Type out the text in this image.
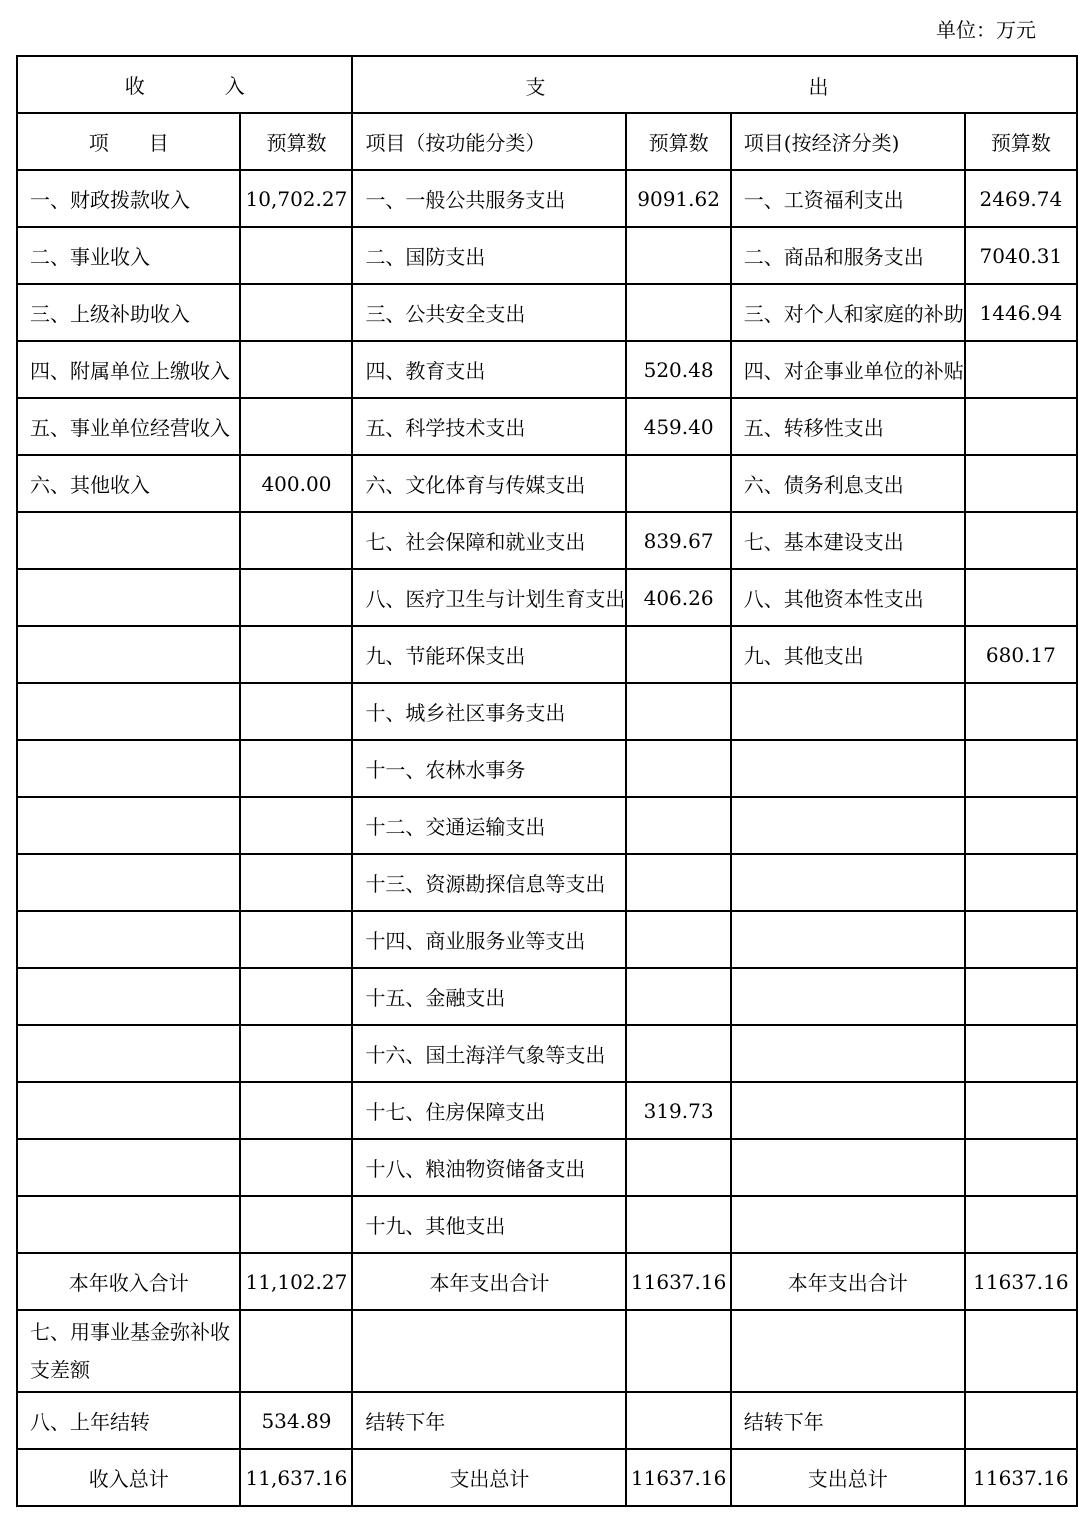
单位：万元
收　　　　入		支 出			

项　　目	预算数	项目（按功能分类）	预算数	项目(按经济分类)	预算数
一、财政拨款收入	10,702.27	一、一般公共服务支出	9091.62	一、工资福利支出	2469.74
二、事业收入		二、国防支出		二、商品和服务支出	7040.31
三、上级补助收入		三、公共安全支出		三、对个人和家庭的补助	1446.94
四、附属单位上缴收入		四、教育支出	520.48	四、对企事业单位的补贴	
五、事业单位经营收入		五、科学技术支出	459.40	五、转移性支出	
六、其他收入	400.00	六、文化体育与传媒支出		六、债务利息支出	
		七、社会保障和就业支出	839.67	七、基本建设支出	
		八、医疗卫生与计划生育支出	406.26	八、其他资本性支出	
		九、节能环保支出		九、其他支出	680.17
		十、城乡社区事务支出			
		十一、农林水事务			
		十二、交通运输支出			
		十三、资源勘探信息等支出			
		十四、商业服务业等支出			
		十五、金融支出			
		十六、国土海洋气象等支出			
		十七、住房保障支出	319.73		
		十八、粮油物资储备支出			
		十九、其他支出			
本年收入合计	11,102.27	本年支出合计	11637.16	本年支出合计	11637.16
七、用事业基金弥补收支差额					
八、上年结转	534.89	结转下年		结转下年	
收入总计	11,637.16	支出总计	11637.16	支出总计	11637.16
